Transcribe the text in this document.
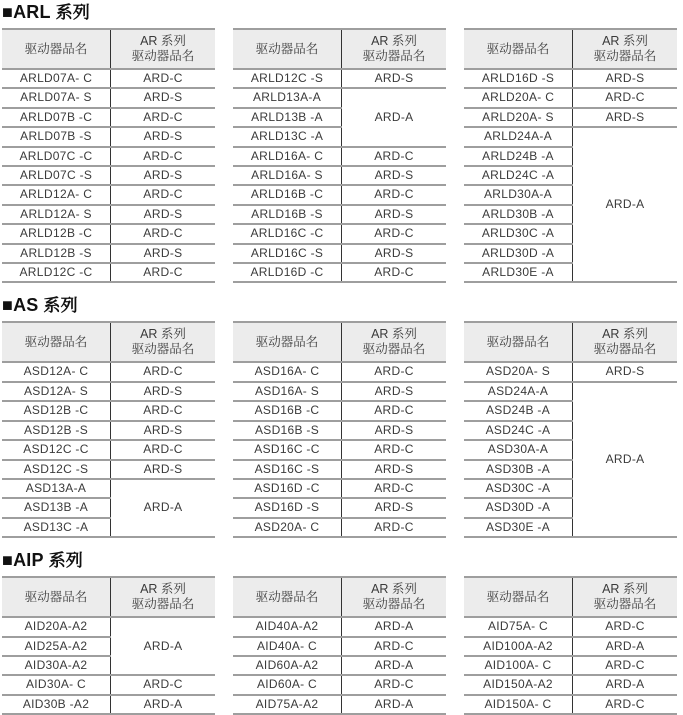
■ARL 系列
驱动器品名	AR 系列
驱动器品名
ARLD07A- C	ARD-C
ARLD07A- S	ARD-S
ARLD07B -C	ARD-C
ARLD07B -S	ARD-S
ARLD07C -C	ARD-C
ARLD07C -S	ARD-S
ARLD12A- C	ARD-C
ARLD12A- S	ARD-S
ARLD12B -C	ARD-C
ARLD12B -S	ARD-S
ARLD12C -C	ARD-C
驱动器品名	AR 系列
驱动器品名
ARLD12C -S	ARD-S
ARLD13A-A	ARD-A
ARLD13B -A	
ARLD13C -A	
ARLD16A- C	ARD-C
ARLD16A- S	ARD-S
ARLD16B -C	ARD-C
ARLD16B -S	ARD-S
ARLD16C -C	ARD-C
ARLD16C -S	ARD-S
ARLD16D -C	ARD-C
驱动器品名	AR 系列
驱动器品名
ARLD16D -S	ARD-S
ARLD20A- C	ARD-C
ARLD20A- S	ARD-S
ARLD24A-A	ARD-A
ARLD24B -A	
ARLD24C -A	
ARLD30A-A	
ARLD30B -A	
ARLD30C -A	
ARLD30D -A	
ARLD30E -A	
■AS 系列
驱动器品名	AR 系列
驱动器品名
ASD12A- C	ARD-C
ASD12A- S	ARD-S
ASD12B -C	ARD-C
ASD12B -S	ARD-S
ASD12C -C	ARD-C
ASD12C -S	ARD-S
ASD13A-A	ARD-A
ASD13B -A	
ASD13C -A	
驱动器品名	AR 系列
驱动器品名
ASD16A- C	ARD-C
ASD16A- S	ARD-S
ASD16B -C	ARD-C
ASD16B -S	ARD-S
ASD16C -C	ARD-C
ASD16C -S	ARD-S
ASD16D -C	ARD-C
ASD16D -S	ARD-S
ASD20A- C	ARD-C
驱动器品名	AR 系列
驱动器品名
ASD20A- S	ARD-S
ASD24A-A	ARD-A
ASD24B -A	
ASD24C -A	
ASD30A-A	
ASD30B -A	
ASD30C -A	
ASD30D -A	
ASD30E -A	
■AIP 系列
驱动器品名	AR 系列
驱动器品名
AID20A-A2	ARD-A
AID25A-A2	
AID30A-A2	
AID30A- C	ARD-C
AID30B -A2	ARD-A
驱动器品名	AR 系列
驱动器品名
AID40A-A2	ARD-A
AID40A- C	ARD-C
AID60A-A2	ARD-A
AID60A- C	ARD-C
AID75A-A2	ARD-A
驱动器品名	AR 系列
驱动器品名
AID75A- C	ARD-C
AID100A-A2	ARD-A
AID100A- C	ARD-C
AID150A-A2	ARD-A
AID150A- C	ARD-C
